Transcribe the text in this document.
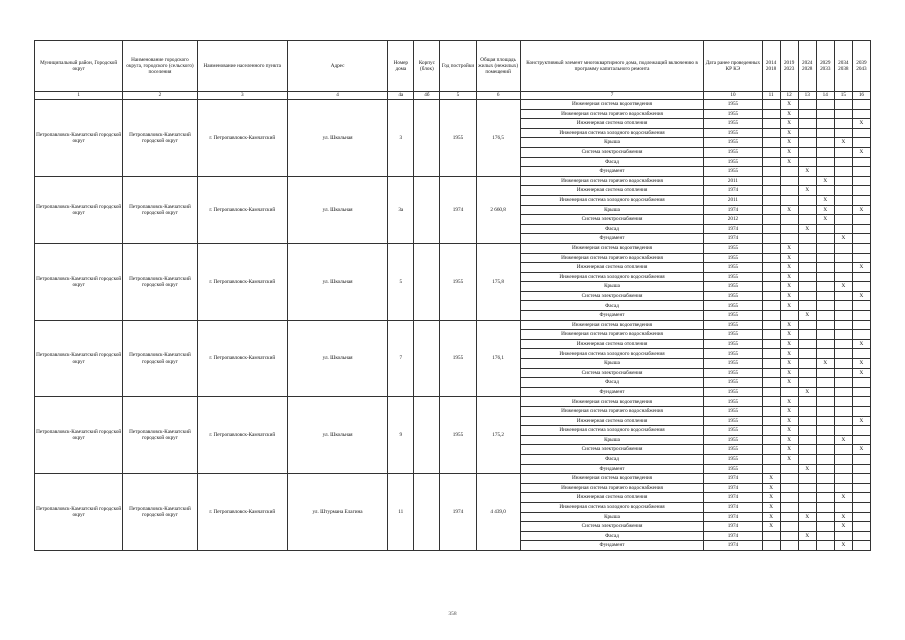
Муниципальный район, Городской округ	Наименование городского округа, городского (сельского) поселения	Наименование населенного пункта	Адрес	Номер дома	Корпус (блок)	Год постройки	Общая площадь жилых (нежилых) помещений	Конструктивный элемент многоквартирного дома, подлежащий включению в программу капитального ремонта	Дата ранее проведенных КР КЭ	2014 2018	2019 2023	2024 2028	2029 2033	2034 2038	2039 2043
1	2	3	4	4а	4б	5	6	7	10	11	12	13	14	15	16
Петропавловск-Камчатский городской округ	Петропавловск-Камчатский городской округ	г. Петропавловск-Камчатский	ул. Школьная	3		1955	176,5	Инженерная система водоотведения	1955		X				
								Инженерная система горячего водоснабжения	1955		X				
								Инженерная система отопления	1955		X				X
								Инженерная система холодного водоснабжения	1955		X				
								Крыша	1955		X			X	
								Система электроснабжения	1955		X				X
								Фасад	1955		X				
								Фундамент	1955			X			
Петропавловск-Камчатский городской округ	Петропавловск-Камчатский городской округ	г. Петропавловск-Камчатский	ул. Школьная	3а		1974	2 660,8	Инженерная система горячего водоснабжения	2011				X		
								Инженерная система отопления	1974			X			
								Инженерная система холодного водоснабжения	2011				X		
								Крыша	1974		X		X		X
								Система электроснабжения	2012				X		
								Фасад	1974			X			
								Фундамент	1974					X	
Петропавловск-Камчатский городской округ	Петропавловск-Камчатский городской округ	г. Петропавловск-Камчатский	ул. Школьная	5		1955	175,8	Инженерная система водоотведения	1955		X				
								Инженерная система горячего водоснабжения	1955		X				
								Инженерная система отопления	1955		X				X
								Инженерная система холодного водоснабжения	1955		X				
								Крыша	1955		X			X	
								Система электроснабжения	1955		X				X
								Фасад	1955		X				
								Фундамент	1955			X			
Петропавловск-Камчатский городской округ	Петропавловск-Камчатский городской округ	г. Петропавловск-Камчатский	ул. Школьная	7		1955	176,1	Инженерная система водоотведения	1955		X				
								Инженерная система горячего водоснабжения	1955		X				
								Инженерная система отопления	1955		X				X
								Инженерная система холодного водоснабжения	1955		X				
								Крыша	1955		X		X		X
								Система электроснабжения	1955		X				X
								Фасад	1955		X				
								Фундамент	1955			X			
Петропавловск-Камчатский городской округ	Петропавловск-Камчатский городской округ	г. Петропавловск-Камчатский	ул. Школьная	9		1955	175,2	Инженерная система водоотведения	1955		X				
								Инженерная система горячего водоснабжения	1955		X				
								Инженерная система отопления	1955		X				X
								Инженерная система холодного водоснабжения	1955		X				
								Крыша	1955		X			X	
								Система электроснабжения	1955		X				X
								Фасад	1955		X				
								Фундамент	1955			X			
Петропавловск-Камчатский городской округ	Петропавловск-Камчатский городской округ	г. Петропавловск-Камчатский	ул. Штурмана Елагина	11		1974	4 439,0	Инженерная система водоотведения	1974	X					
								Инженерная система горячего водоснабжения	1974	X					
								Инженерная система отопления	1974	X				X	
								Инженерная система холодного водоснабжения	1974	X					
								Крыша	1974	X		X		X	
								Система электроснабжения	1974	X				X	
								Фасад	1974			X			
								Фундамент	1974					X	
358
